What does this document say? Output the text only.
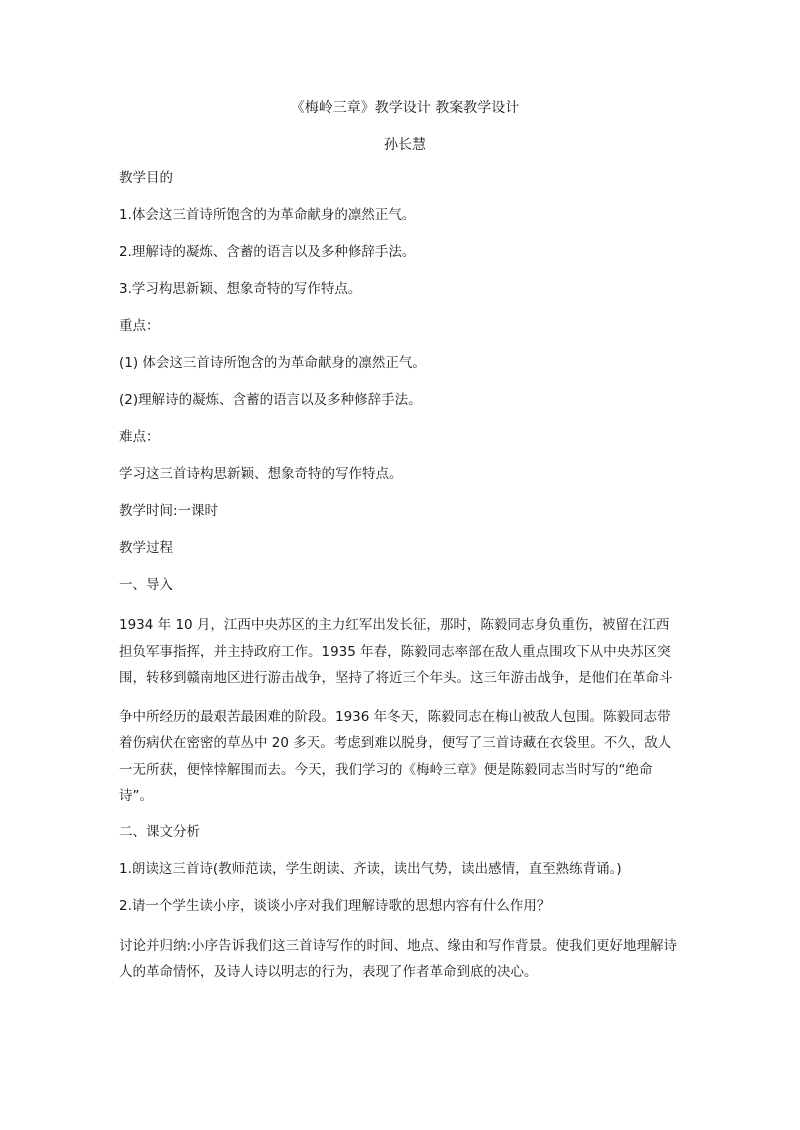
《梅岭三章》教学设计 教案教学设计
孙长慧
教学目的
1.体会这三首诗所饱含的为革命献身的凛然正气。
2.理解诗的凝炼、含蓄的语言以及多种修辞手法。
3.学习构思新颖、想象奇特的写作特点。
重点：
(1) 体会这三首诗所饱含的为革命献身的凛然正气。
(2)理解诗的凝炼、含蓄的语言以及多种修辞手法。
难点：
学习这三首诗构思新颖、想象奇特的写作特点。
教学时间:一课时
教学过程
一、导入
1934 年 10 月，江西中央苏区的主力红军出发长征，那时，陈毅同志身负重伤，被留在江西担负军事指挥，并主持政府工作。1935 年春，陈毅同志率部在敌人重点围攻下从中央苏区突围，转移到赣南地区进行游击战争，坚持了将近三个年头。这三年游击战争，是他们在革命斗
争中所经历的最艰苦最困难的阶段。1936 年冬天，陈毅同志在梅山被敌人包围。陈毅同志带着伤病伏在密密的草丛中 20 多天。考虑到难以脱身，便写了三首诗藏在衣袋里。不久，敌人一无所获，便悻悻解围而去。今天，我们学习的《梅岭三章》便是陈毅同志当时写的“绝命诗”。
二、课文分析
1.朗读这三首诗(教师范读，学生朗读、齐读，读出气势，读出感情，直至熟练背诵。)
2.请一个学生读小序，谈谈小序对我们理解诗歌的思想内容有什么作用？
讨论并归纳:小序告诉我们这三首诗写作的时间、地点、缘由和写作背景。使我们更好地理解诗人的革命情怀，及诗人诗以明志的行为，表现了作者革命到底的决心。
